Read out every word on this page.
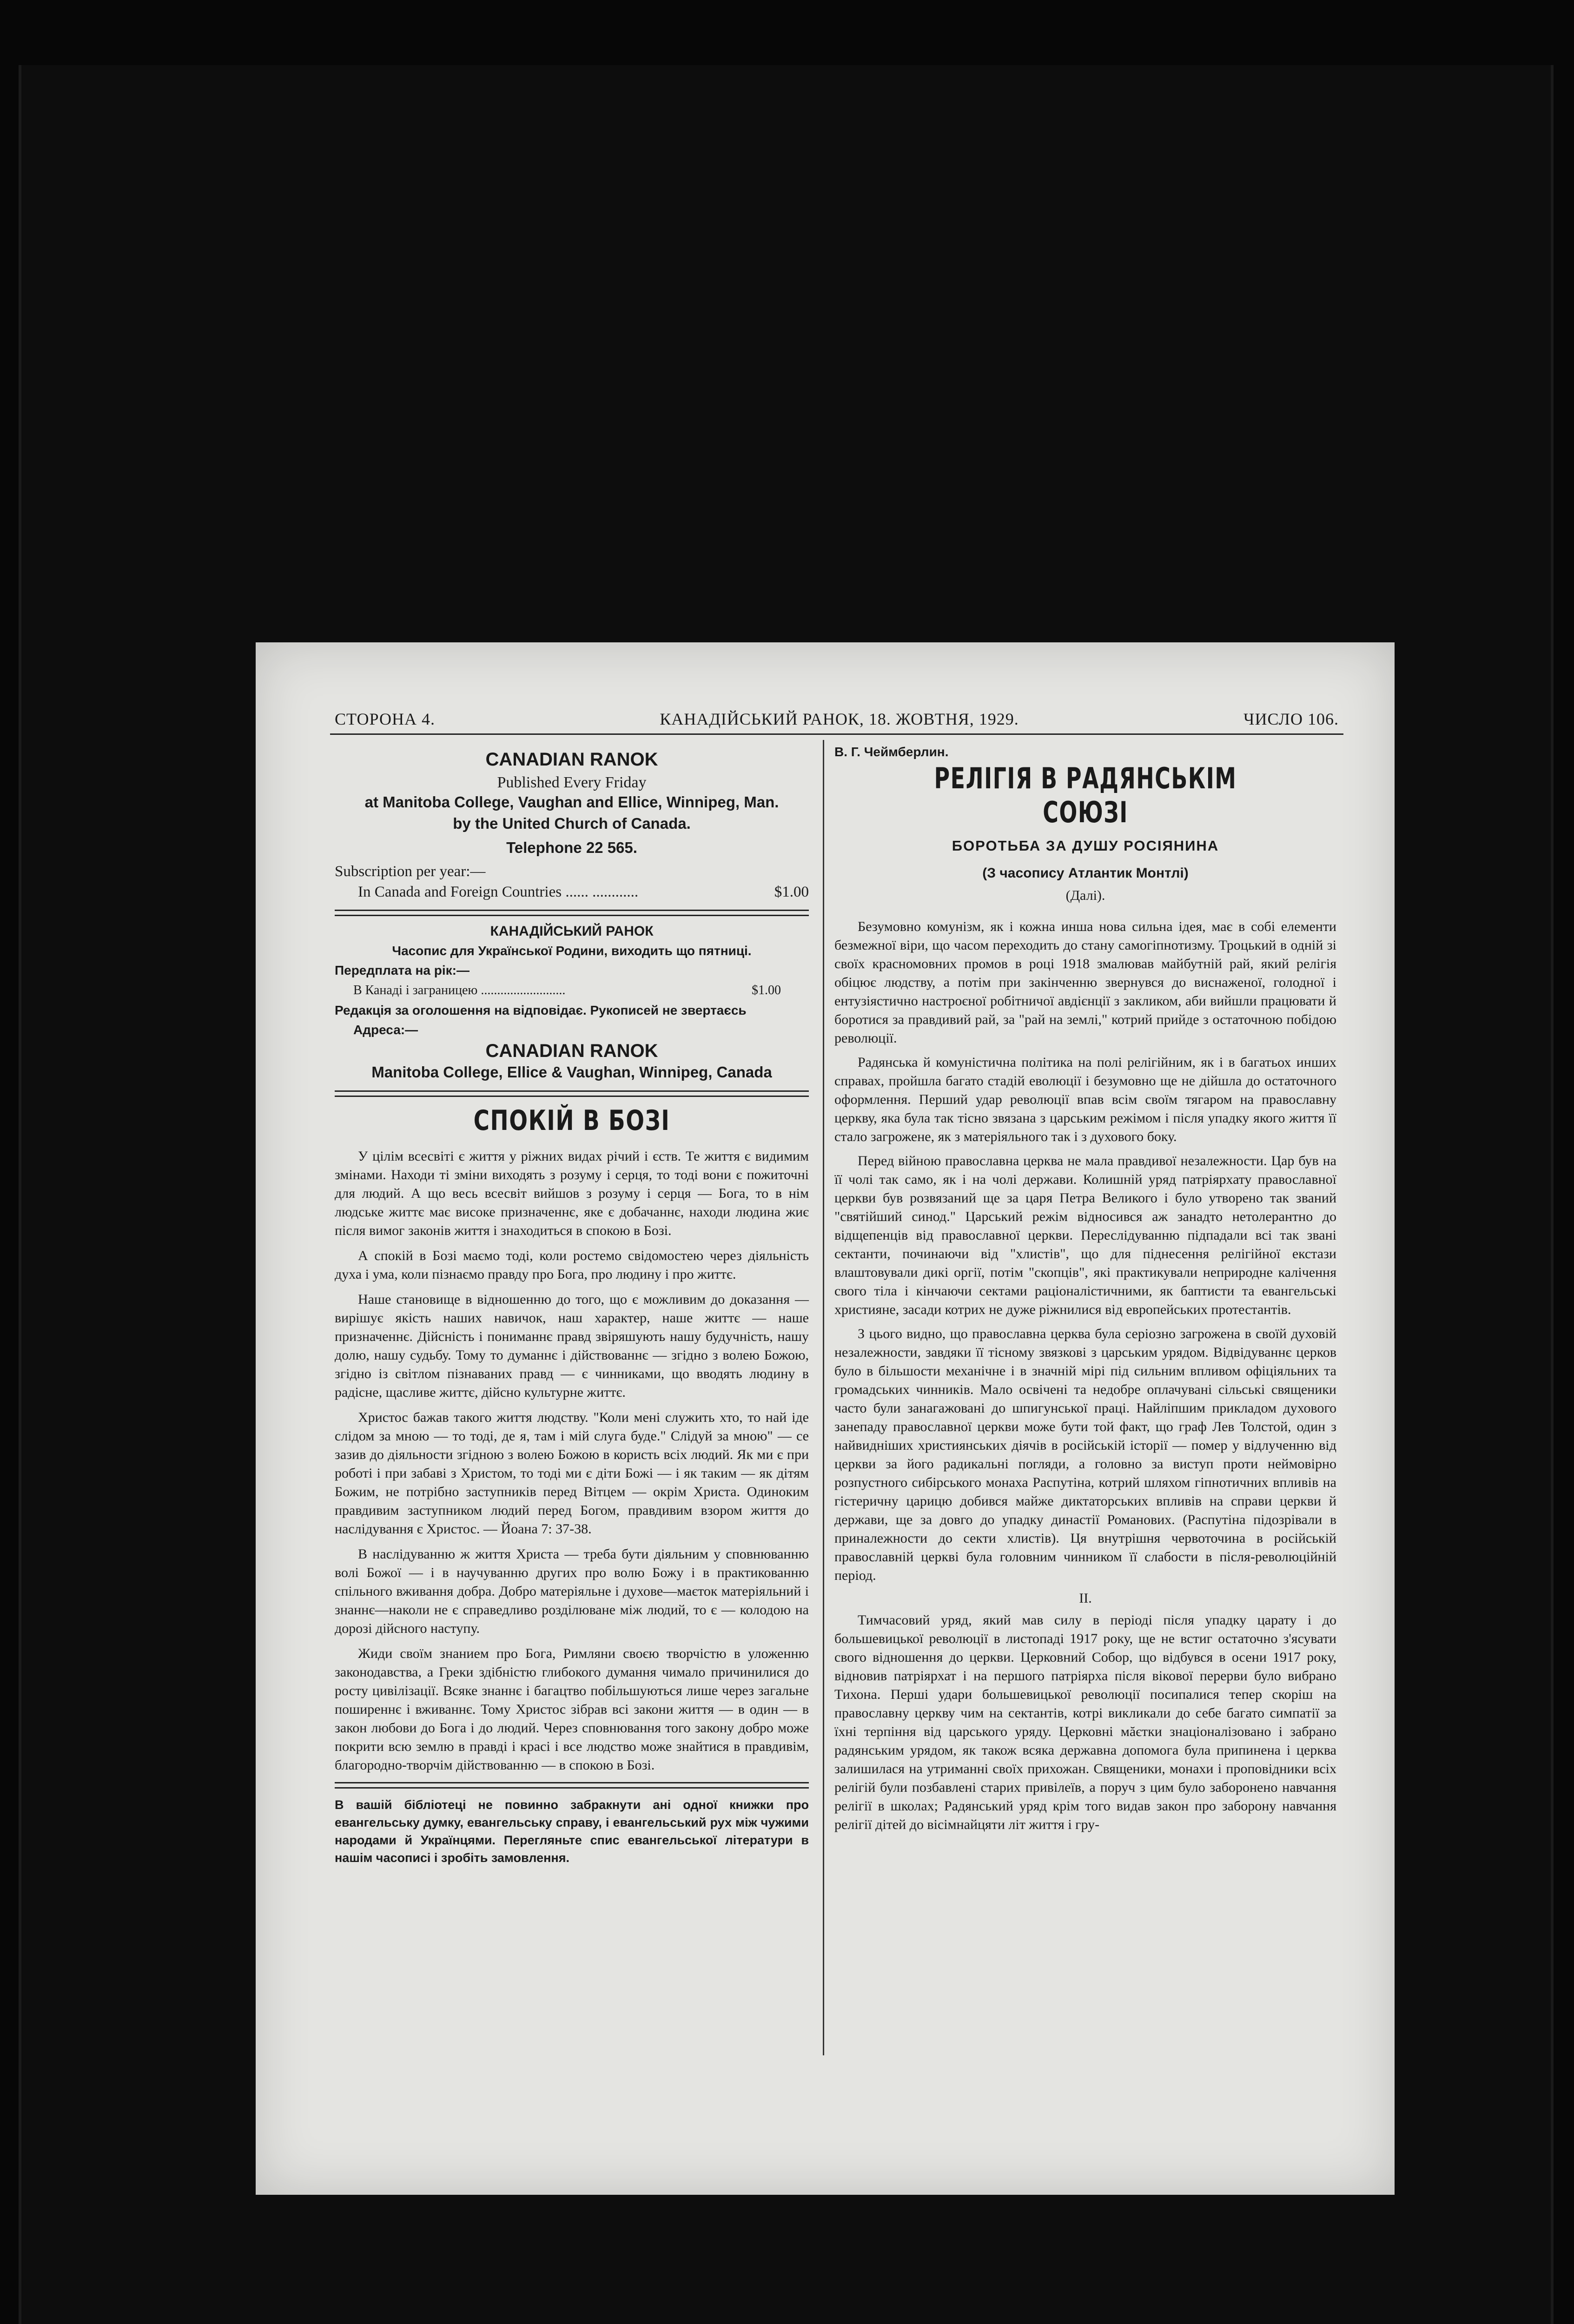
СТОРОНА 4.	КАНАДІЙСЬКИЙ РАНОК, 18. ЖОВТНЯ, 1929.	ЧИСЛО 106.
CANADIAN RANOK
Published Every Friday
at Manitoba College, Vaughan and Ellice, Winnipeg, Man.
by the United Church of Canada.
Telephone 22 565.
Subscription per year:—
In Canada and Foreign Countries ...... ............	$1.00
КАНАДІЙСЬКИЙ РАНОК
Часопис для Української Родини, виходить що пятниці.
Передплата на рік:—
В Канаді і заграницею ..........................	$1.00
Редакція за оголошення на відповідає. Рукописей не звертаєсь
Адреса:—
CANADIAN RANOK
Manitoba College, Ellice & Vaughan, Winnipeg, Canada
СПОКІЙ В БОЗІ

У цілім всесвіті є життя у ріжних видах річий і єств. Те життя є видимим змінами. Находи ті зміни виходять з розуму і серця, то тоді вони є пожиточні для людий. А що весь всесвіт вийшов з розуму і серця — Бога, то в нім людське життє має високе призначеннє, яке є добачаннє, находи людина жиє після вимог законів життя і знаходиться в спокою в Бозі.

А спокій в Бозі маємо тоді, коли ростемо свідомостею через діяльність духа і ума, коли пізнаємо правду про Бога, про людину і про життє.

Наше становище в відношенню до того, що є можливим до доказання — вирішує якість наших навичок, наш характер, наше життє — наше призначеннє. Дійсність і пониманнє правд звіряшують нашу будучність, нашу долю, нашу судьбу. Тому то думаннє і дійствованнє — згідно з волею Божою, згідно із світлом пізнаваних правд — є чинниками, що вводять людину в радісне, щасливе життє, дійсно культурне життє.

Христос бажав такого життя людству. "Коли мені служить хто, то най іде слідом за мною — то тоді, де я, там і мій слуга буде." Слідуй за мною" — се зазив до діяльности згідною з волею Божою в користь всіх людий. Як ми є при роботі і при забаві з Христом, то тоді ми є діти Божі — і як таким — як дітям Божим, не потрібно заступників перед Вітцем — окрім Христа. Одиноким правдивим заступником людий перед Богом, правдивим взором життя до наслідування є Христос. — Йоана 7: 37-38.

В наслідуванню ж життя Христа — треба бути діяльним у сповнюванню волі Божої — і в научуванню других про волю Божу і в практикованню спільного вживання добра. Добро матеріяльне і духове—маєток матеріяльний і знаннє—наколи не є справедливо розділюване між людий, то є — колодою на дорозі дійсного наступу.

Жиди своїм знанием про Бога, Римляни своєю творчістю в уложенню законодавства, а Греки здібністю глибокого думання чимало причинилися до росту цивілізації. Всяке знаннє і багацтво побільшуються лише через загальне поширеннє і вживаннє. Тому Христос зібрав всі закони життя — в один — в закон любови до Бога і до людий. Через сповнювання того закону добро може покрити всю землю в правді і красі і все людство може знайтися в правдивім, благородно-творчім дійствованню — в спокою в Бозі.

В вашій бібліотеці не повинно забракнути ані одної книжки про евангельську думку, евангельську справу, і евангельський рух між чужими народами й Українцями. Перегляньте спис евангельської літератури в нашім часописі і зробіть замовлення.
В. Г. Чеймберлин.
РЕЛІГІЯ В РАДЯНСЬКІМ СОЮЗІ
БОРОТЬБА ЗА ДУШУ РОСІЯНИНА
(З часопису Атлантик Монтлі)
(Далі).

Безумовно комунізм, як і кожна инша нова сильна ідея, має в собі елементи безмежної віри, що часом переходить до стану самогіпнотизму. Троцький в одній зі своїх красномовних промов в році 1918 змалював майбутній рай, який релігія обіцює людству, а потім при закінченню звернувся до виснаженої, голодної і ентузіястично настроєної робітничої авдієнції з закликом, аби вийшли працювати й боротися за правдивий рай, за "рай на землі," котрий прийде з остаточною побідою революції.

Радянська й комуністична політика на полі релігійним, як і в багатьох инших справах, пройшла багато стадій еволюції і безумовно ще не дійшла до остаточного оформлення. Перший удар революції впав всім своїм тягаром на православну церкву, яка була так тісно звязана з царським режімом і після упадку якого життя її стало загроженe, як з матеріяльного так і з духового боку.

Перед війною православна церква не мала правдивої незалежности. Цар був на її чолі так само, як і на чолі держави. Колишній уряд патріярхату православної церкви був розвязаний ще за царя Петра Великого і було утворено так званий "святійший синод." Царський режім відносився аж занадто нетолерантно до відщепенців від православної церкви. Переслідуванню підпадали всі так звані сектанти, починаючи від "хлистів", що для піднесення релігійної екстази влаштовували дикі оргії, потім "скопців", які практикували неприродне калічення свого тіла і кінчаючи сектами раціоналістичними, як баптисти та евангельські християне, засади котрих не дуже ріжнилися від европейських протестантів.

З цього видно, що православна церква була серіозно загрожена в своїй духовій незалежности, завдяки її тісному звязкові з царським урядом. Відвідуваннє церков було в більшости механічне і в значній мірі під сильним впливом офіціяльних та громадських чинників. Мало освічені та недобре оплачувані сільські священики часто були занагажовані до шпигунської праці. Найліпшим прикладом духового занепаду православної церкви може бути той факт, що граф Лев Толстой, один з найвидніших християнських діячів в російській історії — помер у відлученню від церкви за його радикальні погляди, а головно за виступ проти неймовірно розпустного сибірського монаха Распутіна, котрий шляхом гіпнотичних впливів на гістеричну царицю добився майже диктаторських впливів на справи церкви й держави, ще за довго до упадку династії Романових. (Распутіна підозрівали в приналежности до секти хлистів). Ця внутрішня червоточина в російській православній церкві була головним чинником її слабости в після-революційній період.

II.

Тимчасовий уряд, який мав силу в періоді після упадку царату і до большевицької революції в листопаді 1917 року, ще не встиг остаточно з'ясувати свого відношення до церкви. Церковний Собор, що відбувся в осени 1917 року, відновив патріярхат і на першого патріярха після вікової перерви було вибрано Тихона. Перші удари большевицької революції посипалися тепер скоріш на православну церкву чим на сектантів, котрі викликали до себе багато симпатії за їхні терпіння від царського уряду. Церковні мăєтки знаціоналізовано і забрано радянським урядом, як також всяка державна допомога була припинена і церква залишилася на утриманні своїх прихожан. Священики, монахи і проповідники всіх релігій були позбавлені старих привілеїв, а поруч з цим було заборонено навчання релігії в школах; Радянський уряд крім того видав закон про заборону навчання релігії дітей до вісімнайцяти літ життя і гру-
